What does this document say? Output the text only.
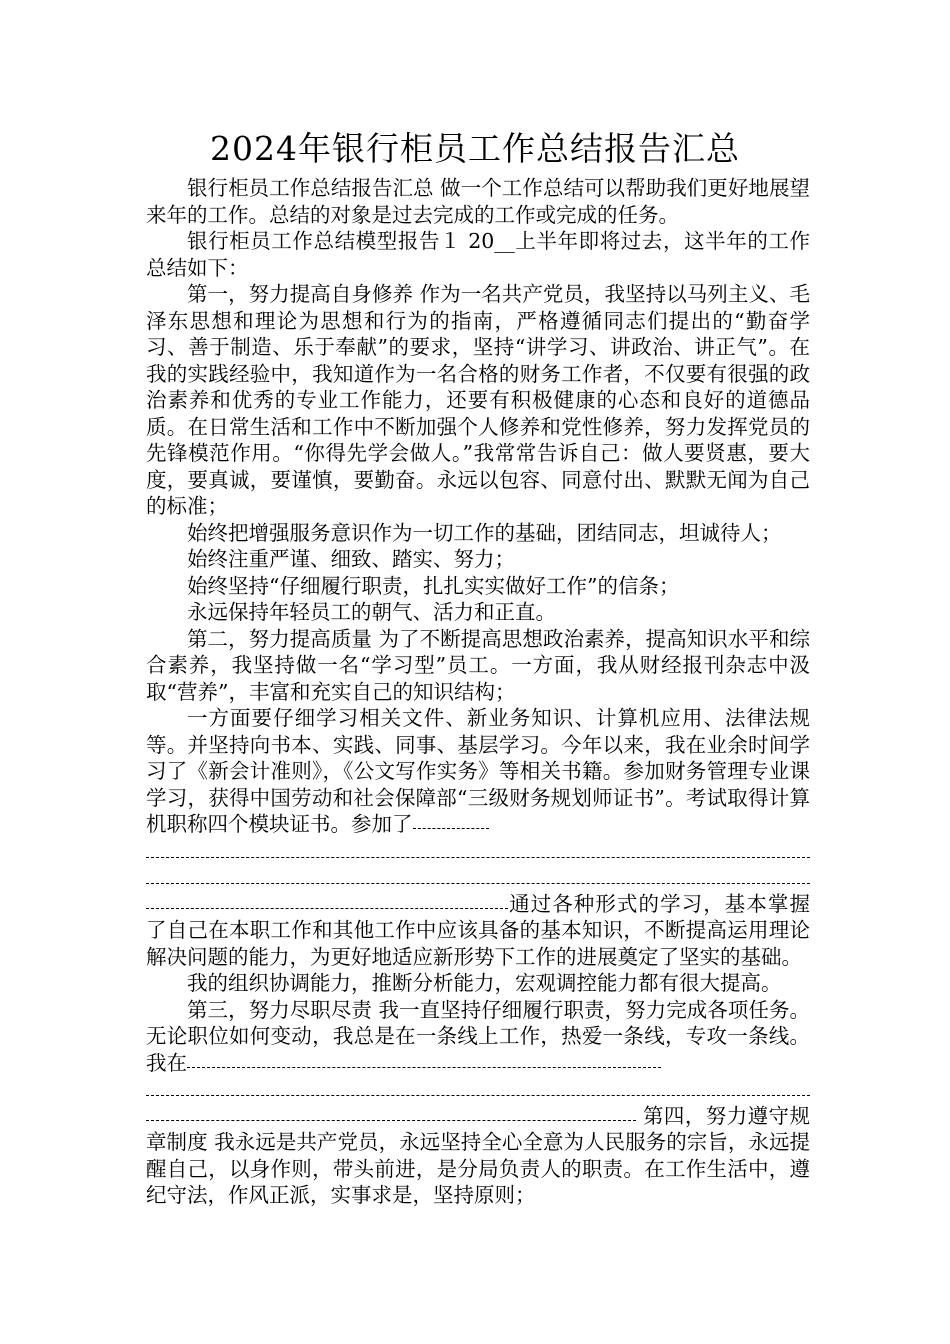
2024年银行柜员工作总结报告汇总

银行柜员工作总结报告汇总 做一个工作总结可以帮助我们更好地展望来年的工作。总结的对象是过去完成的工作或完成的任务。

银行柜员工作总结模型报告１ 20__上半年即将过去，这半年的工作总结如下：

第一，努力提高自身修养 作为一名共产党员，我坚持以马列主义、毛泽东思想和理论为思想和行为的指南，严格遵循同志们提出的“勤奋学习、善于制造、乐于奉献”的要求，坚持“讲学习、讲政治、讲正气”。在我的实践经验中，我知道作为一名合格的财务工作者，不仅要有很强的政治素养和优秀的专业工作能力，还要有积极健康的心态和良好的道德品质。在日常生活和工作中不断加强个人修养和党性修养，努力发挥党员的先锋模范作用。“你得先学会做人。”我常常告诉自己：做人要贤惠，要大度，要真诚，要谨慎，要勤奋。永远以包容、同意付出、默默无闻为自己的标准；

始终把增强服务意识作为一切工作的基础，团结同志，坦诚待人；

始终注重严谨、细致、踏实、努力；

始终坚持“仔细履行职责，扎扎实实做好工作”的信条；

永远保持年轻员工的朝气、活力和正直。

第二，努力提高质量 为了不断提高思想政治素养，提高知识水平和综合素养，我坚持做一名“学习型”员工。一方面，我从财经报刊杂志中汲取“营养”，丰富和充实自己的知识结构；

一方面要仔细学习相关文件、新业务知识、计算机应用、法律法规等。并坚持向书本、实践、同事、基层学习。今年以来，我在业余时间学习了《新会计准则》，《公文写作实务》等相关书籍。参加财务管理专业课学习，获得中国劳动和社会保障部“三级财务规划师证书”。考试取得计算机职称四个模块证书。参加了

通过各种形式的学习，基本掌握了自己在本职工作和其他工作中应该具备的基本知识，不断提高运用理论解决问题的能力，为更好地适应新形势下工作的进展奠定了坚实的基础。

我的组织协调能力，推断分析能力，宏观调控能力都有很大提高。

第三，努力尽职尽责 我一直坚持仔细履行职责，努力完成各项任务。无论职位如何变动，我总是在一条线上工作，热爱一条线，专攻一条线。我在

第四，努力遵守规章制度 我永远是共产党员，永远坚持全心全意为人民服务的宗旨，永远提醒自己，以身作则，带头前进，是分局负责人的职责。在工作生活中，遵纪守法，作风正派，实事求是，坚持原则；
